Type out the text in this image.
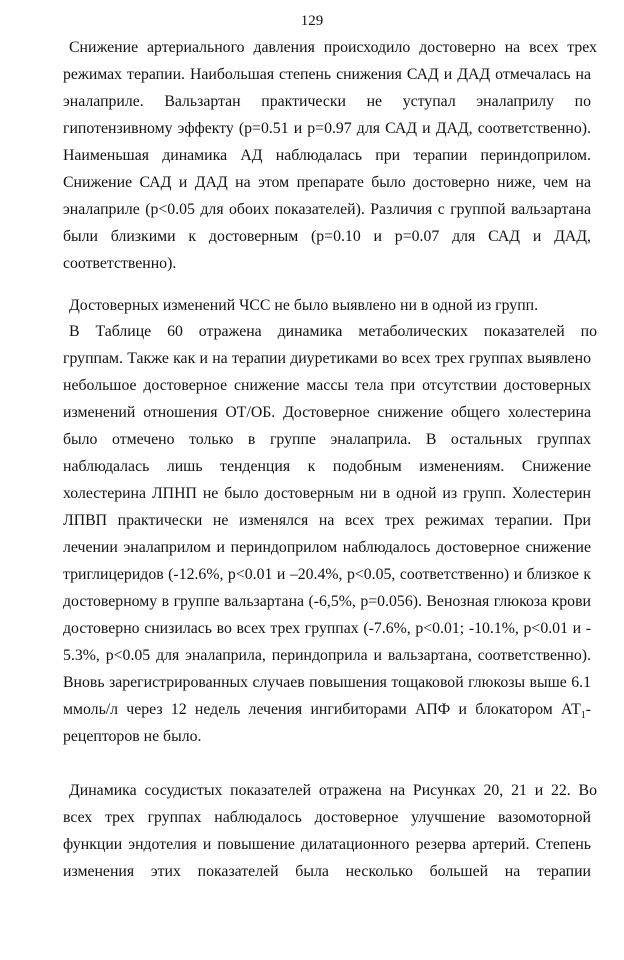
129
Снижение артериального давления происходило достоверно на всех трех
режимах терапии. Наибольшая степень снижения САД и ДАД отмечалась на
эналаприле. Вальзартан практически не уступал эналаприлу по
гипотензивному эффекту (p=0.51 и p=0.97 для САД и ДАД, соответственно).
Наименьшая динамика АД наблюдалась при терапии периндоприлом.
Снижение САД и ДАД на этом препарате было достоверно ниже, чем на
эналаприле (p<0.05 для обоих показателей). Различия с группой вальзартана
были близкими к достоверным (p=0.10 и p=0.07 для САД и ДАД,
соответственно).
Достоверных изменений ЧСС не было выявлено ни в одной из групп.
В Таблице 60 отражена динамика метаболических показателей по
группам. Также как и на терапии диуретиками во всех трех группах выявлено
небольшое достоверное снижение массы тела при отсутствии достоверных
изменений отношения ОТ/ОБ. Достоверное снижение общего холестерина
было отмечено только в группе эналаприла. В остальных группах
наблюдалась лишь тенденция к подобным изменениям. Снижение
холестерина ЛПНП не было достоверным ни в одной из групп. Холестерин
ЛПВП практически не изменялся на всех трех режимах терапии. При
лечении эналаприлом и периндоприлом наблюдалось достоверное снижение
триглицеридов (-12.6%, p<0.01 и –20.4%, p<0.05, соответственно) и близкое к
достоверному в группе вальзартана (-6,5%, p=0.056). Венозная глюкоза крови
достоверно снизилась во всех трех группах (-7.6%, p<0.01; -10.1%, p<0.01 и -
5.3%, p<0.05 для эналаприла, периндоприла и вальзартана, соответственно).
Вновь зарегистрированных случаев повышения тощаковой глюкозы выше 6.1
ммоль/л через 12 недель лечения ингибиторами АПФ и блокатором $АТ_1-$
рецепторов не было.
Динамика сосудистых показателей отражена на Рисунках 20, 21 и 22. Во
всех трех группах наблюдалось достоверное улучшение вазомоторной
функции эндотелия и повышение дилатационного резерва артерий. Степень
изменения этих показателей была несколько большей на терапии
